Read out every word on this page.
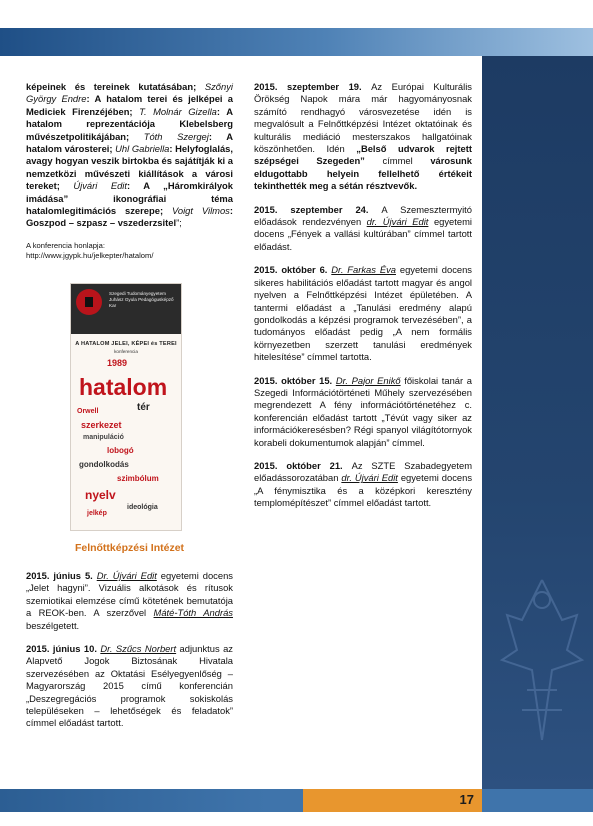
képeinek és tereinek kutatásában; Szőnyi György Endre: A hatalom terei és jelképei a Mediciek Firenzéjében; T. Molnár Gizella: A hatalom reprezentációja Klebelsberg művészetpolitikájában; Tóth Szergej: A hatalom városterei; Uhl Gabriella: Helyfoglalás, avagy hogyan veszik birtokba és sajátítják ki a nemzetközi művészeti kiállítások a városi tereket; Újvári Edit: A „Háromkirályok imádása” ikonográfiai téma hatalomlegitimációs szerepe; Voigt Vilmos: Goszpod – szpasz – vszederzsitel”;

A konferencia honlapja:

http://www.jgypk.hu/jelkepter/hatalom/

Szegedi Tudományegyetem Juhász Gyula Pedagógusképző Kar
A HATALOM JELEI, KÉPEI és TEREI
konferencia
1989
hatalom
tér
Orwell
szerkezet
manipuláció
lobogó
gondolkodás
szimbólum
nyelv
ideológia
jelkép
Felnőttképzési Intézet

2015. június 5. Dr. Újvári Edit egyetemi docens „Jelet hagyni”. Vizuális alkotások és rítusok szemiotikai elemzése című kötetének bemutatója a REOK-ben. A szerzővel Máté-Tóth András beszélgetett.

2015. június 10. Dr. Szűcs Norbert adjunktus az Alapvető Jogok Biztosának Hivatala szervezésében az Oktatási Esélyegyenlőség – Magyarország 2015 című konferencián „Deszegregációs programok sokiskolás településeken – lehetőségek és feladatok” címmel előadást tartott.

2015. szeptember 19. Az Európai Kulturális Örökség Napok mára már hagyományosnak számító rendhagyó városvezetése idén is megvalósult a Felnőttképzési Intézet oktatóinak és kulturális mediáció mesterszakos hallgatóinak köszönhetően. Idén „Belső udvarok rejtett szépségei Szegeden” címmel városunk eldugottabb helyein fellelhető értékeit tekinthették meg a sétán résztvevők.

2015. szeptember 24. A Szemesztermyitó előadások rendezvényen dr. Újvári Edit egyetemi docens „Fények a vallási kultúrában” címmel tartott előadást.

2015. október 6. Dr. Farkas Éva egyetemi docens sikeres habilitációs előadást tartott magyar és angol nyelven a Felnőttképzési Intézet épületében. A tantermi előadást a „Tanulási eredmény alapú gondolkodás a képzési programok tervezésében”, a tudományos előadást pedig „A nem formális környezetben szerzett tanulási eredmények hitelesítése” címmel tartotta.

2015. október 15. Dr. Pajor Enikő főiskolai tanár a Szegedi Információtörténeti Műhely szervezésében megrendezett A fény információtörténetéhez c. konferencián előadást tartott „Tévút vagy siker az információkeresésben? Régi spanyol világítótornyok korabeli dokumentumok alapján” címmel.

2015. október 21. Az SZTE Szabadegyetem előadássorozatában dr. Újvári Edit egyetemi docens „A fénymisztika és a középkori keresztény templomépítészet” címmel előadást tartott.

17
